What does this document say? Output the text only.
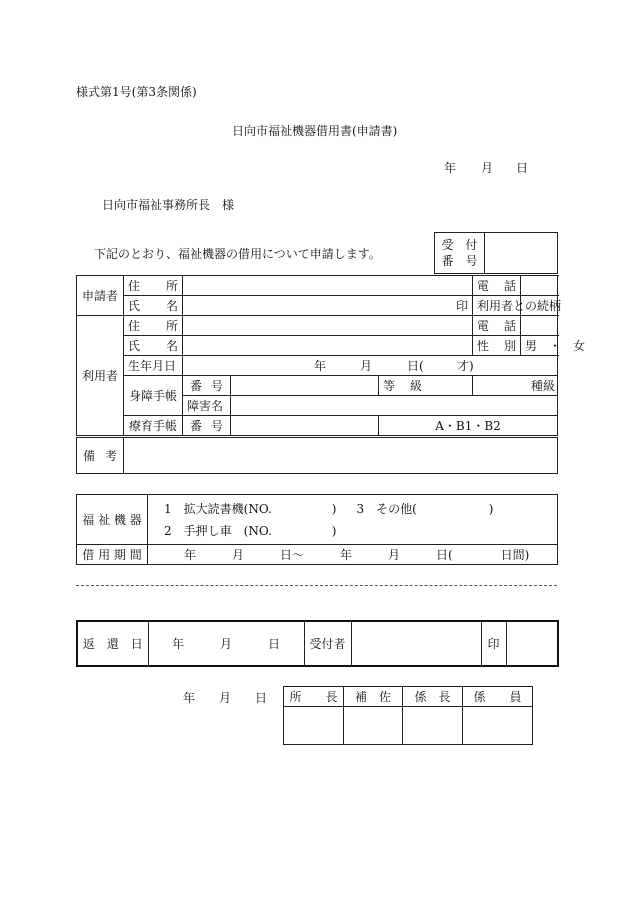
様式第1号(第3条関係)
日向市福祉機器借用書(申請書)
年 月 日
日向市福祉事務所長　様
下記のとおり、福祉機器の借用について申請します。
受　付
番　号

申請者	住 所				電 話	

	氏 名	印			利用者との続柄	
利用者	住 所				電 話	

	氏 名				性 別	男　・　女
	生年月日	年 月 日( 才)				

	身障手帳	番 号		等 級	種 級	

		障害名				
	療育手帳	番 号		A・B1・B2		
備 考

福 祉 機 器	1　拡大読書機(NO.　　　　　) 3　その他(　　　　　　)
2　手押し車　(NO.　　　　　)

借 用 期 間	年　　　月　　　日～　　　年　　　月　　　日(　　　　日間)
返　還　日	年　　　月　　　日	受付者		印	
年　　月　　日 所　　長	補　佐	係　長	係　　員
